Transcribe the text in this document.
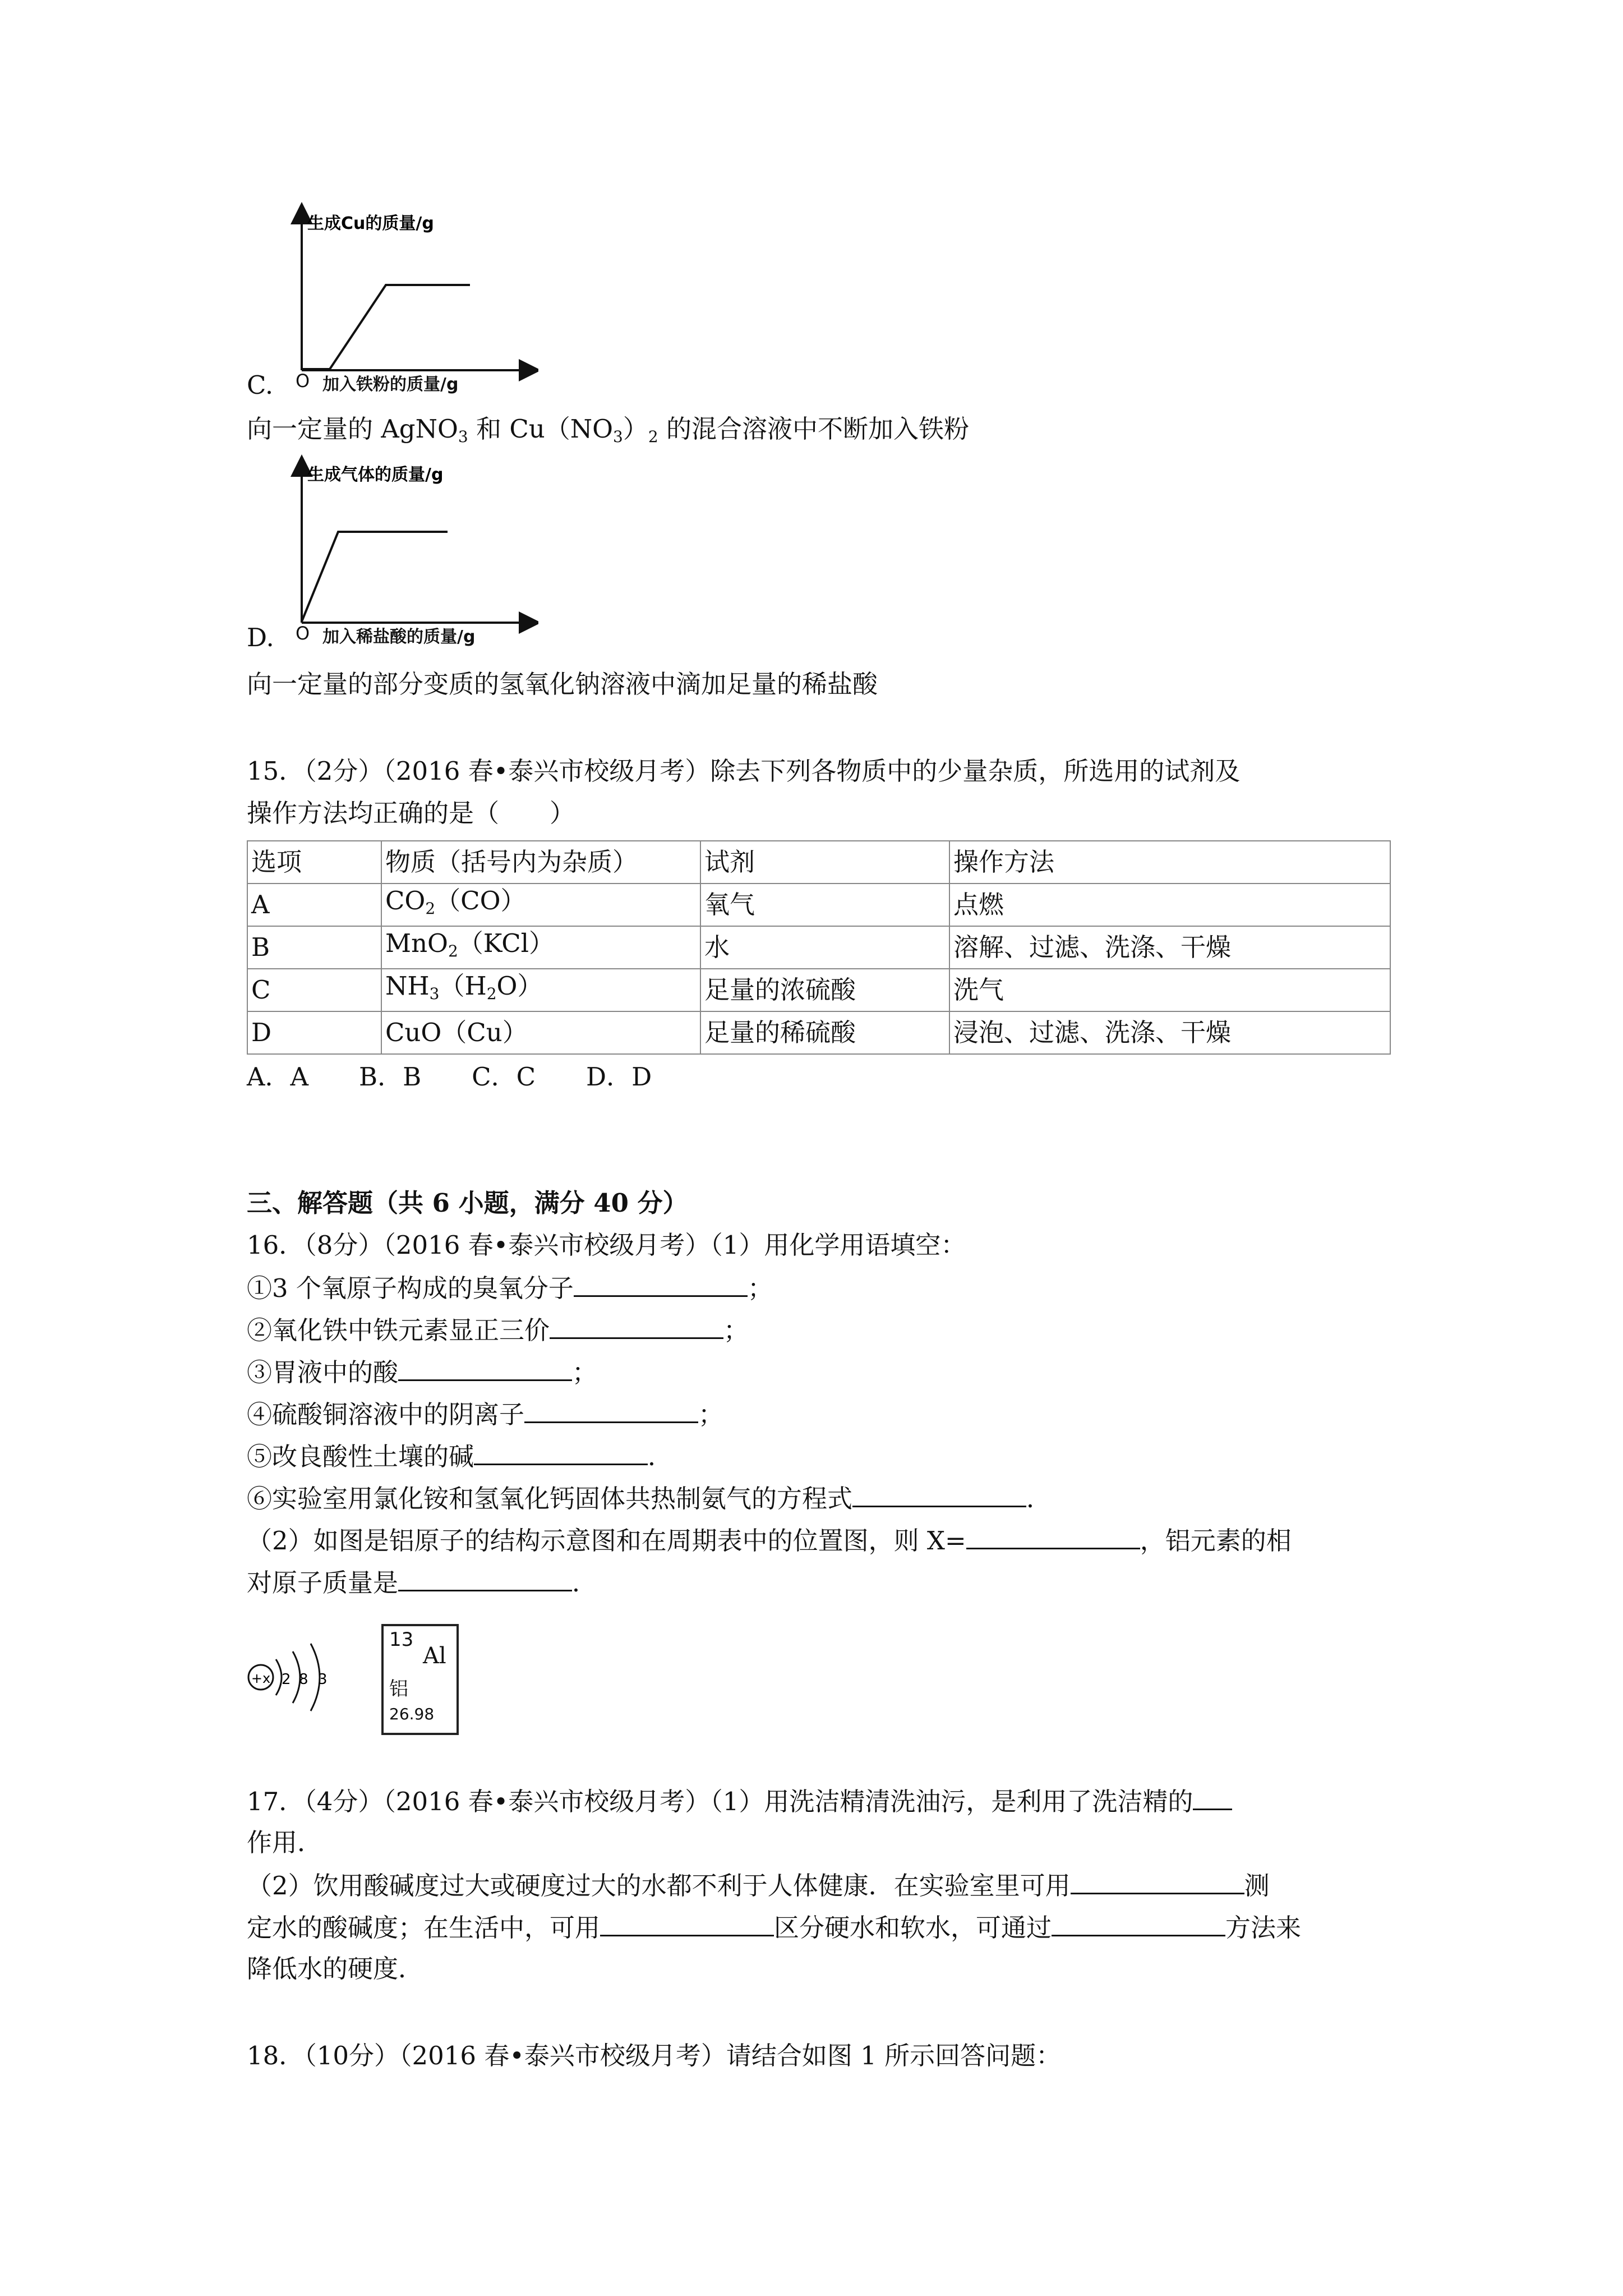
生成Cu的质量/g
C. O 加入铁粉的质量/g
向一定量的 AgNO$_3$ 和 $Cu(NO_3)_2$ 的混合溶液中不断加入铁粉
生成气体的质量/g
D. O 加入稀盐酸的质量/g
向一定量的部分变质的氢氧化钠溶液中滴加足量的稀盐酸
15．（2分）（2016 春•泰兴市校级月考）除去下列各物质中的少量杂质，所选用的试剂及
操作方法均正确的是（　　）
选项	物质（括号内为杂质）	试剂	操作方法
A	$CO_2(CO)$	氧气	点燃
B	MnO$_2$（KCl）	水	溶解、过滤、洗涤、干燥
C	$NH_3(H_2O)$	足量的浓硫酸	洗气
D	CuO（Cu）	足量的稀硫酸	浸泡、过滤、洗涤、干燥
A．A　　B．B　　C．C　　D．D
三、解答题（共 6 小题，满分 40 分）
16．（8分）（2016 春•泰兴市校级月考）（1）用化学用语填空：
①3 个氧原子构成的臭氧分子	；
②氧化铁中铁元素显正三价	；
③胃液中的酸	；
④硫酸铜溶液中的阴离子	；
⑤改良酸性土壤的碱	．
⑥实验室用氯化铵和氢氧化钙固体共热制氨气的方程式	．
（2）如图是铝原子的结构示意图和在周期表中的位置图，则 X=	，铝元素的相
对原子质量是	．
+x 2 8 3
13
Al
铝
26.98
17．（4分）（2016 春•泰兴市校级月考）（1）用洗洁精清洗油污，是利用了洗洁精的
作用．
（2）饮用酸碱度过大或硬度过大的水都不利于人体健康．在实验室里可用	测
定水的酸碱度；在生活中，可用	区分硬水和软水，可通过	方法来
降低水的硬度．
18．（10分）（2016 春•泰兴市校级月考）请结合如图 1 所示回答问题：
